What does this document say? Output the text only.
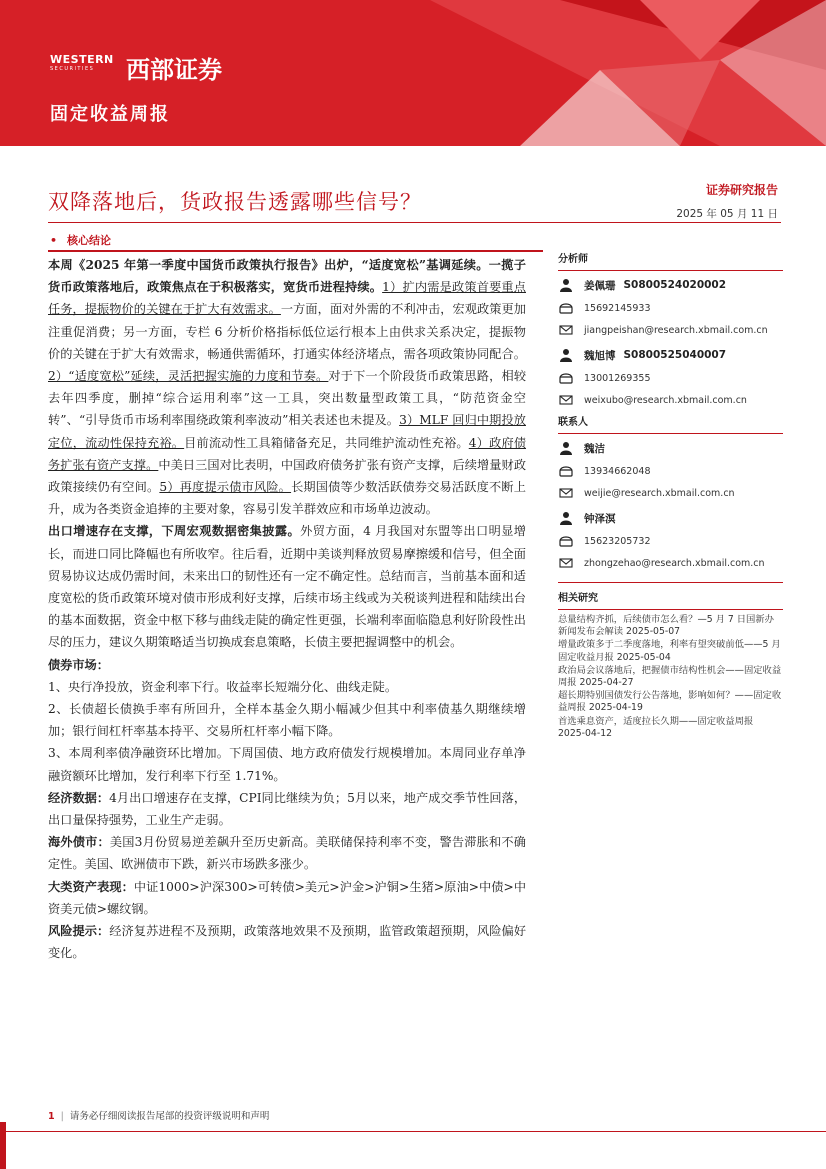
WESTERN
SECURITIES	西部证券
固定收益周报
双降落地后，货政报告透露哪些信号？	证券研究报告
2025 年 05 月 11 日
• 核心结论

本周《2025 年第一季度中国货币政策执行报告》出炉，“适度宽松”基调延续。一揽子货币政策落地后，政策焦点在于积极落实，宽货币进程持续。1）扩内需是政策首要重点任务，提振物价的关键在于扩大有效需求。一方面，面对外需的不利冲击，宏观政策更加注重促消费；另一方面，专栏 6 分析价格指标低位运行根本上由供求关系决定，提振物价的关键在于扩大有效需求，畅通供需循环，打通实体经济堵点，需各项政策协同配合。2）“适度宽松”延续，灵活把握实施的力度和节奏。对于下一个阶段货币政策思路，相较去年四季度，删掉“综合运用利率”这一工具，突出数量型政策工具，“防范资金空转”、“引导货币市场利率围绕政策利率波动”相关表述也未提及。3）MLF 回归中期投放定位，流动性保持充裕。目前流动性工具箱储备充足，共同维护流动性充裕。4）政府债务扩张有资产支撑。中美日三国对比表明，中国政府债务扩张有资产支撑，后续增量财政政策接续仍有空间。5）再度提示债市风险。长期国债等少数活跃债券交易活跃度不断上升，成为各类资金追捧的主要对象，容易引发羊群效应和市场单边波动。

出口增速存在支撑，下周宏观数据密集披露。外贸方面，4 月我国对东盟等出口明显增长，而进口同比降幅也有所收窄。往后看，近期中美谈判释放贸易摩擦缓和信号，但全面贸易协议达成仍需时间，未来出口的韧性还有一定不确定性。总结而言，当前基本面和适度宽松的货币政策环境对债市形成利好支撑，后续市场主线或为关税谈判进程和陆续出台的基本面数据，资金中枢下移与曲线走陡的确定性更强，长端利率面临隐息利好阶段性出尽的压力，建议久期策略适当切换成套息策略，长债主要把握调整中的机会。

债券市场：

1、央行净投放，资金利率下行。收益率长短端分化、曲线走陡。

2、长债超长债换手率有所回升，全样本基金久期小幅减少但其中利率债基久期继续增加；银行间杠杆率基本持平、交易所杠杆率小幅下降。

3、本周利率债净融资环比增加。下周国债、地方政府债发行规模增加。本周同业存单净融资额环比增加，发行利率下行至 1.71%。

经济数据：4月出口增速存在支撑，CPI同比继续为负；5月以来，地产成交季节性回落，出口量保持强势，工业生产走弱。

海外债市：美国3月份贸易逆差飙升至历史新高。美联储保持利率不变，警告滞胀和不确定性。美国、欧洲债市下跌，新兴市场跌多涨少。

大类资产表现：中证1000>沪深300>可转债>美元>沪金>沪铜>生猪>原油>中债>中资美元债>螺纹钢。

风险提示：经济复苏进程不及预期，政策落地效果不及预期，监管政策超预期，风险偏好变化。

分析师
姜佩珊 S0800524020002
15692145933
jiangpeishan@research.xbmail.com.cn
魏旭博 S0800525040007
13001269355
weixubo@research.xbmail.com.cn
联系人
魏洁
13934662048
weijie@research.xbmail.com.cn
钟泽溟
15623205732
zhongzehao@research.xbmail.com.cn
相关研究
总量结构齐抓，后续债市怎么看？—5 月 7 日国新办新闻发布会解读 2025-05-07
增量政策多于二季度落地，利率有望突破前低——5 月固定收益月报 2025-05-04
政治局会议落地后，把握债市结构性机会——固定收益周报 2025-04-27
超长期特别国债发行公告落地，影响如何？——固定收益周报 2025-04-19
首选乘息资产，适度拉长久期——固定收益周报 2025-04-12
1 | 请务必仔细阅读报告尾部的投资评级说明和声明
